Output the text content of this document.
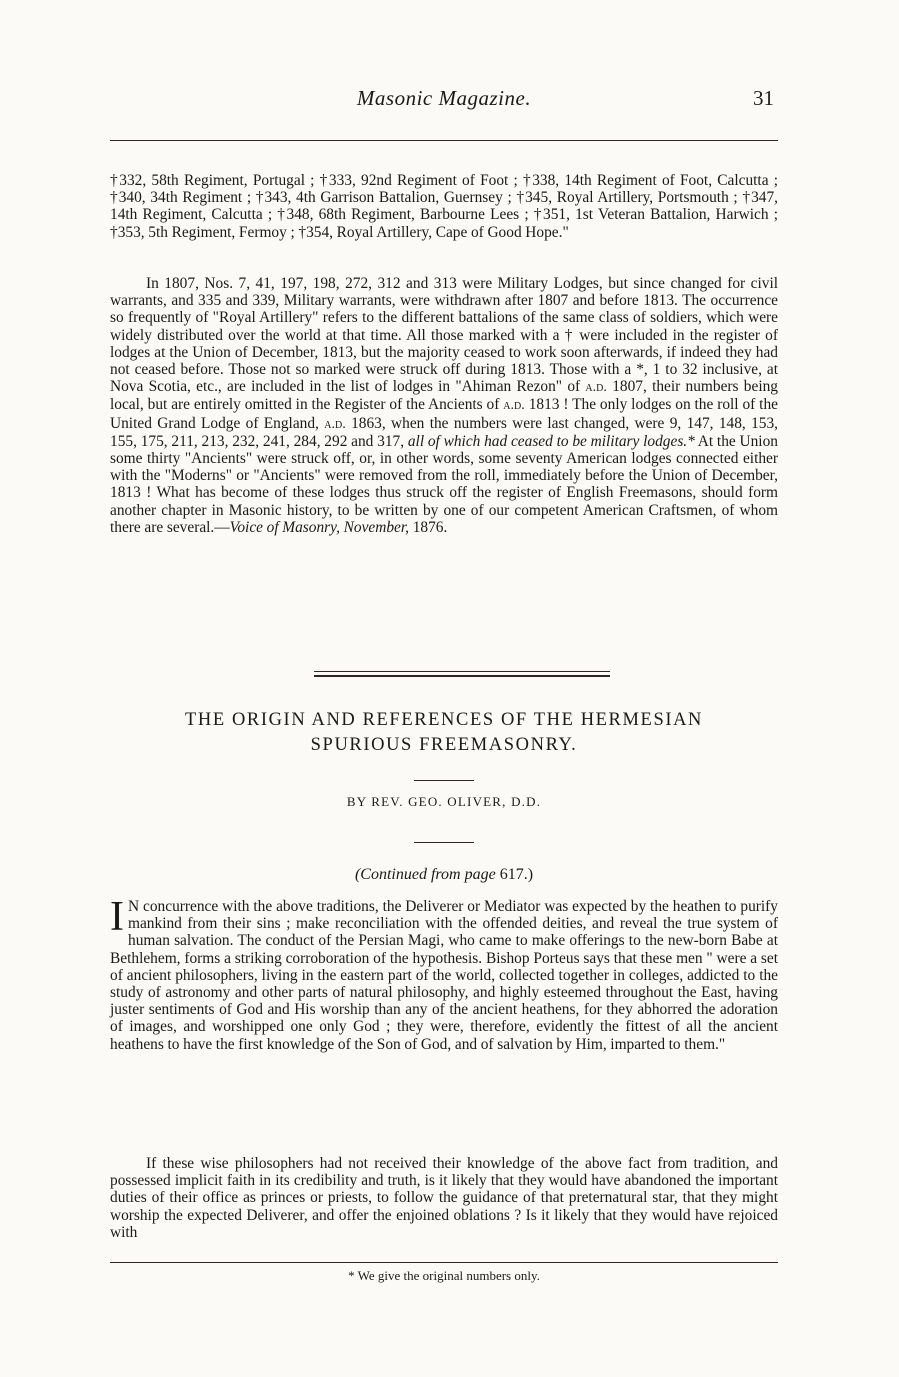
Masonic Magazine.	31

†332, 58th Regiment, Portugal ; †333, 92nd Regiment of Foot ; †338, 14th Regiment of Foot, Calcutta ; †340, 34th Regiment ; †343, 4th Garrison Battalion, Guernsey ; †345, Royal Artillery, Portsmouth ; †347, 14th Regiment, Calcutta ; †348, 68th Regiment, Barbourne Lees ; †351, 1st Veteran Battalion, Harwich ; †353, 5th Regiment, Fermoy ; †354, Royal Artillery, Cape of Good Hope."

In 1807, Nos. 7, 41, 197, 198, 272, 312 and 313 were Military Lodges, but since changed for civil warrants, and 335 and 339, Military warrants, were withdrawn after 1807 and before 1813. The occurrence so frequently of "Royal Artillery" refers to the different battalions of the same class of soldiers, which were widely distributed over the world at that time. All those marked with a † were included in the register of lodges at the Union of December, 1813, but the majority ceased to work soon afterwards, if indeed they had not ceased before. Those not so marked were struck off during 1813. Those with a *, 1 to 32 inclusive, at Nova Scotia, etc., are included in the list of lodges in "Ahiman Rezon" of a.d. 1807, their numbers being local, but are entirely omitted in the Register of the Ancients of a.d. 1813 ! The only lodges on the roll of the United Grand Lodge of England, a.d. 1863, when the numbers were last changed, were 9, 147, 148, 153, 155, 175, 211, 213, 232, 241, 284, 292 and 317, all of which had ceased to be military lodges.* At the Union some thirty "Ancients" were struck off, or, in other words, some seventy American lodges connected either with the "Moderns" or "Ancients" were removed from the roll, immediately before the Union of December, 1813 ! What has become of these lodges thus struck off the register of English Freemasons, should form another chapter in Masonic history, to be written by one of our competent American Craftsmen, of whom there are several.—Voice of Masonry, November, 1876.

THE ORIGIN AND REFERENCES OF THE HERMESIAN
SPURIOUS FREEMASONRY.
BY REV. GEO. OLIVER, D.D.
(Continued from page 617.)

I N concurrence with the above traditions, the Deliverer or Mediator was expected by the heathen to purify mankind from their sins ; make reconciliation with the offended deities, and reveal the true system of human salvation. The conduct of the Persian Magi, who came to make offerings to the new-born Babe at Bethlehem, forms a striking corroboration of the hypothesis. Bishop Porteus says that these men " were a set of ancient philosophers, living in the eastern part of the world, collected together in colleges, addicted to the study of astronomy and other parts of natural philosophy, and highly esteemed throughout the East, having juster sentiments of God and His worship than any of the ancient heathens, for they abhorred the adoration of images, and worshipped one only God ; they were, therefore, evidently the fittest of all the ancient heathens to have the first knowledge of the Son of God, and of salvation by Him, imparted to them."

If these wise philosophers had not received their knowledge of the above fact from tradition, and possessed implicit faith in its credibility and truth, is it likely that they would have abandoned the important duties of their office as princes or priests, to follow the guidance of that preternatural star, that they might worship the expected Deliverer, and offer the enjoined oblations ? Is it likely that they would have rejoiced with

* We give the original numbers only.
